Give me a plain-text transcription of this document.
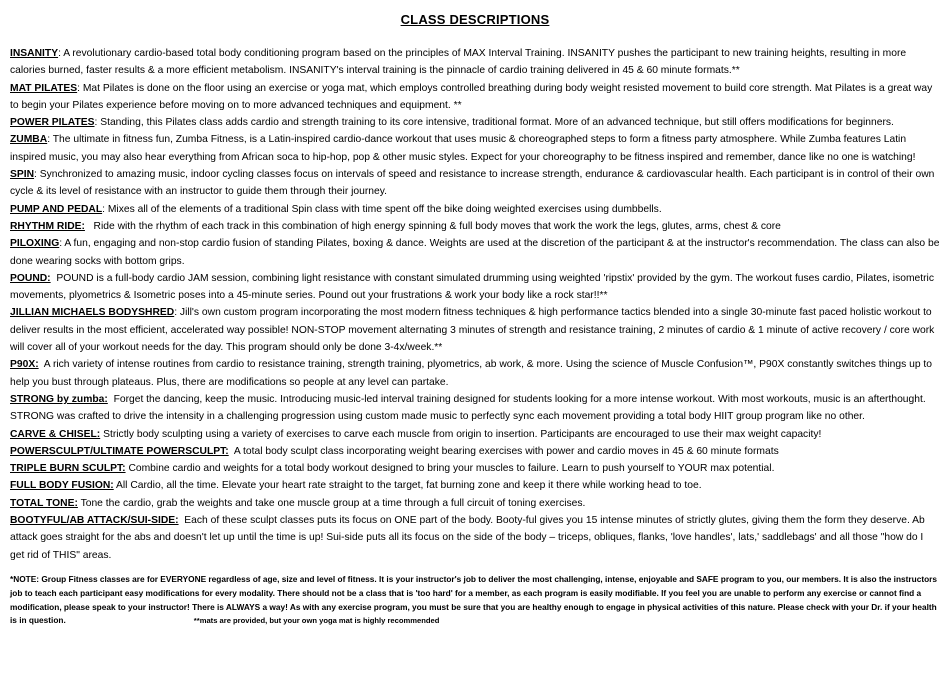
CLASS DESCRIPTIONS
INSANITY: A revolutionary cardio-based total body conditioning program based on the principles of MAX Interval Training. INSANITY pushes the participant to new training heights, resulting in more calories burned, faster results & a more efficient metabolism. INSANITY's interval training is the pinnacle of cardio training delivered in 45 & 60 minute formats.**
MAT PILATES: Mat Pilates is done on the floor using an exercise or yoga mat, which employs controlled breathing during body weight resisted movement to build core strength. Mat Pilates is a great way to begin your Pilates experience before moving on to more advanced techniques and equipment. **
POWER PILATES: Standing, this Pilates class adds cardio and strength training to its core intensive, traditional format. More of an advanced technique, but still offers modifications for beginners.
ZUMBA: The ultimate in fitness fun, Zumba Fitness, is a Latin-inspired cardio-dance workout that uses music & choreographed steps to form a fitness party atmosphere. While Zumba features Latin inspired music, you may also hear everything from African soca to hip-hop, pop & other music styles. Expect for your choreography to be fitness inspired and remember, dance like no one is watching!
SPIN: Synchronized to amazing music, indoor cycling classes focus on intervals of speed and resistance to increase strength, endurance & cardiovascular health. Each participant is in control of their own cycle & its level of resistance with an instructor to guide them through their journey.
PUMP AND PEDAL: Mixes all of the elements of a traditional Spin class with time spent off the bike doing weighted exercises using dumbbells.
RHYTHM RIDE: Ride with the rhythm of each track in this combination of high energy spinning & full body moves that work the work the legs, glutes, arms, chest & core
PILOXING: A fun, engaging and non-stop cardio fusion of standing Pilates, boxing & dance. Weights are used at the discretion of the participant & at the instructor's recommendation. The class can also be done wearing socks with bottom grips.
POUND: POUND is a full-body cardio JAM session, combining light resistance with constant simulated drumming using weighted 'ripstix' provided by the gym. The workout fuses cardio, Pilates, isometric movements, plyometrics & Isometric poses into a 45-minute series. Pound out your frustrations & work your body like a rock star!!**
JILLIAN MICHAELS BODYSHRED: Jill's own custom program incorporating the most modern fitness techniques & high performance tactics blended into a single 30-minute fast paced holistic workout to deliver results in the most efficient, accelerated way possible! NON-STOP movement alternating 3 minutes of strength and resistance training, 2 minutes of cardio & 1 minute of active recovery / core work will cover all of your workout needs for the day. This program should only be done 3-4x/week.**
P90X: A rich variety of intense routines from cardio to resistance training, strength training, plyometrics, ab work, & more. Using the science of Muscle Confusion™, P90X constantly switches things up to help you bust through plateaus. Plus, there are modifications so people at any level can partake.
STRONG by zumba: Forget the dancing, keep the music. Introducing music-led interval training designed for students looking for a more intense workout. With most workouts, music is an afterthought. STRONG was crafted to drive the intensity in a challenging progression using custom made music to perfectly sync each movement providing a total body HIIT group program like no other.
CARVE & CHISEL: Strictly body sculpting using a variety of exercises to carve each muscle from origin to insertion. Participants are encouraged to use their max weight capacity!
POWERSCULPT/ULTIMATE POWERSCULPT: A total body sculpt class incorporating weight bearing exercises with power and cardio moves in 45 & 60 minute formats
TRIPLE BURN SCULPT: Combine cardio and weights for a total body workout designed to bring your muscles to failure. Learn to push yourself to YOUR max potential.
FULL BODY FUSION: All Cardio, all the time. Elevate your heart rate straight to the target, fat burning zone and keep it there while working head to toe.
TOTAL TONE: Tone the cardio, grab the weights and take one muscle group at a time through a full circuit of toning exercises.
BOOTYFUL/AB ATTACK/SUI-SIDE: Each of these sculpt classes puts its focus on ONE part of the body. Booty-ful gives you 15 intense minutes of strictly glutes, giving them the form they deserve. Ab attack goes straight for the abs and doesn't let up until the time is up! Sui-side puts all its focus on the side of the body – triceps, obliques, flanks, 'love handles', lats,' saddlebags' and all those "how do I get rid of THIS" areas.
*NOTE: Group Fitness classes are for EVERYONE regardless of age, size and level of fitness. It is your instructor's job to deliver the most challenging, intense, enjoyable and SAFE program to you, our members. It is also the instructors job to teach each participant easy modifications for every modality. There should not be a class that is 'too hard' for a member, as each program is easily modifiable. If you feel you are unable to perform any exercise or cannot find a modification, please speak to your instructor! There is ALWAYS a way! As with any exercise program, you must be sure that you are healthy enough to engage in physical activities of this nature. Please check with your Dr. if your health is in question.	**mats are provided, but your own yoga mat is highly recommended
